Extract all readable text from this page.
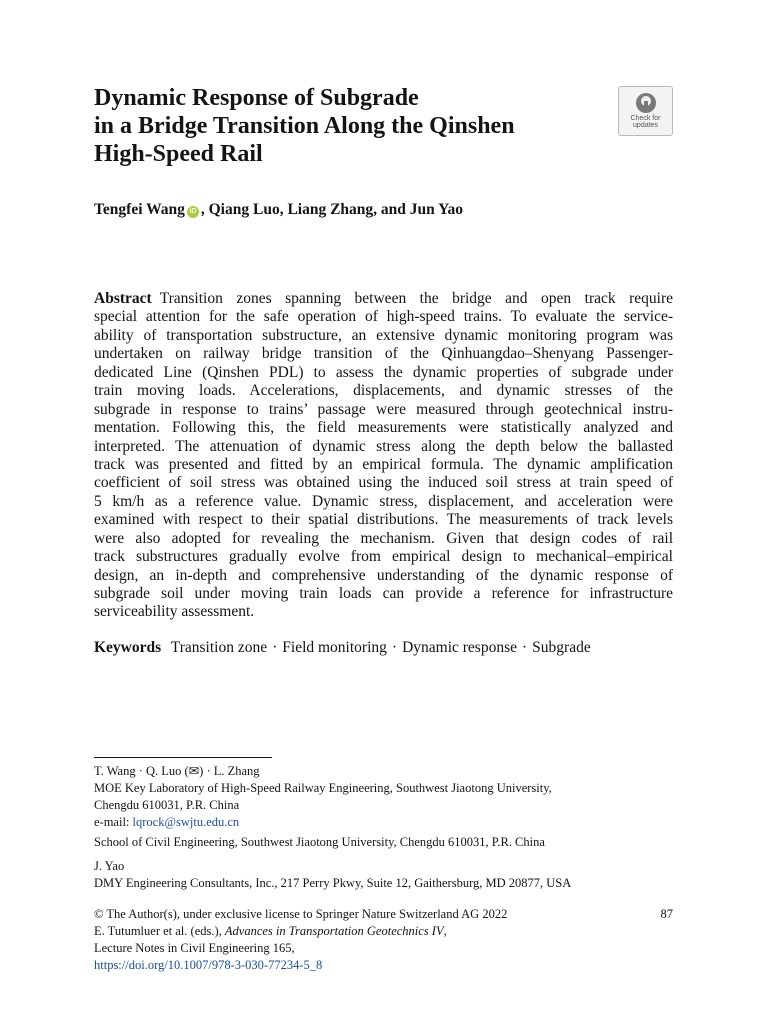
Dynamic Response of Subgrade
in a Bridge Transition Along the Qinshen
High-Speed Rail
Check for
updates
Tengfei Wang iD , Qiang Luo, Liang Zhang, and Jun Yao
Abstract Transition zones spanning between the bridge and open track require
special attention for the safe operation of high-speed trains. To evaluate the service-
ability of transportation substructure, an extensive dynamic monitoring program was
undertaken on railway bridge transition of the Qinhuangdao–Shenyang Passenger-
dedicated Line (Qinshen PDL) to assess the dynamic properties of subgrade under
train moving loads. Accelerations, displacements, and dynamic stresses of the
subgrade in response to trains’ passage were measured through geotechnical instru-
mentation. Following this, the field measurements were statistically analyzed and
interpreted. The attenuation of dynamic stress along the depth below the ballasted
track was presented and fitted by an empirical formula. The dynamic amplification
coefficient of soil stress was obtained using the induced soil stress at train speed of
5 km/h as a reference value. Dynamic stress, displacement, and acceleration were
examined with respect to their spatial distributions. The measurements of track levels
were also adopted for revealing the mechanism. Given that design codes of rail
track substructures gradually evolve from empirical design to mechanical–empirical
design, an in-depth and comprehensive understanding of the dynamic response of
subgrade soil under moving train loads can provide a reference for infrastructure
serviceability assessment.
Keywords Transition zone · Field monitoring · Dynamic response · Subgrade
T. Wang · Q. Luo (✉) · L. Zhang
MOE Key Laboratory of High-Speed Railway Engineering, Southwest Jiaotong University,
Chengdu 610031, P.R. China
e-mail: lqrock@swjtu.edu.cn
School of Civil Engineering, Southwest Jiaotong University, Chengdu 610031, P.R. China
J. Yao
DMY Engineering Consultants, Inc., 217 Perry Pkwy, Suite 12, Gaithersburg, MD 20877, USA
© The Author(s), under exclusive license to Springer Nature Switzerland AG 2022
E. Tutumluer et al. (eds.), Advances in Transportation Geotechnics IV,
Lecture Notes in Civil Engineering 165,
https://doi.org/10.1007/978-3-030-77234-5_8
87
